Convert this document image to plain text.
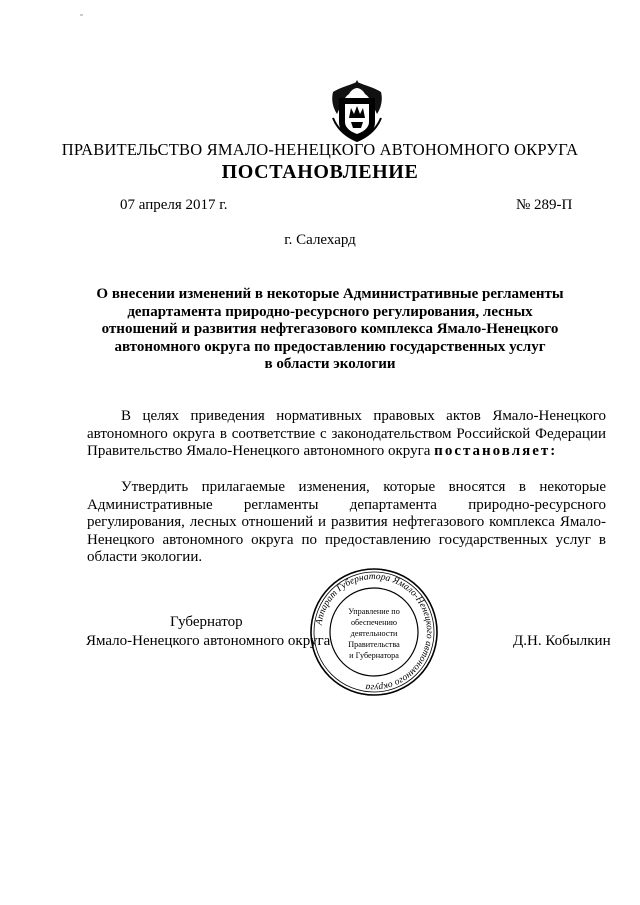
ПРАВИТЕЛЬСТВО ЯМАЛО-НЕНЕЦКОГО АВТОНОМНОГО ОКРУГА
ПОСТАНОВЛЕНИЕ
07 апреля 2017 г.	№ 289-П
г. Салехард
О внесении изменений в некоторые Административные регламенты
департамента природно-ресурсного регулирования, лесных
отношений и развития нефтегазового комплекса Ямало-Ненецкого
автономного округа по предоставлению государственных услуг
в области экологии
В целях приведения нормативных правовых актов Ямало-Ненецкого автономного округа в соответствие с законодательством Российской Федерации Правительство Ямало-Ненецкого автономного округа постановляет:
Утвердить прилагаемые изменения, которые вносятся в некоторые Административные регламенты департамента природно-ресурсного регулирования, лесных отношений и развития нефтегазового комплекса Ямало-Ненецкого автономного округа по предоставлению государственных услуг в области экологии.
Губернатор
Ямало-Ненецкого автономного округа	Д.Н. Кобылкин
Аппарат Губернатора Ямало-Ненецкого автономного округа
Управление по
обеспечению
деятельности
Правительства
и Губернатора
